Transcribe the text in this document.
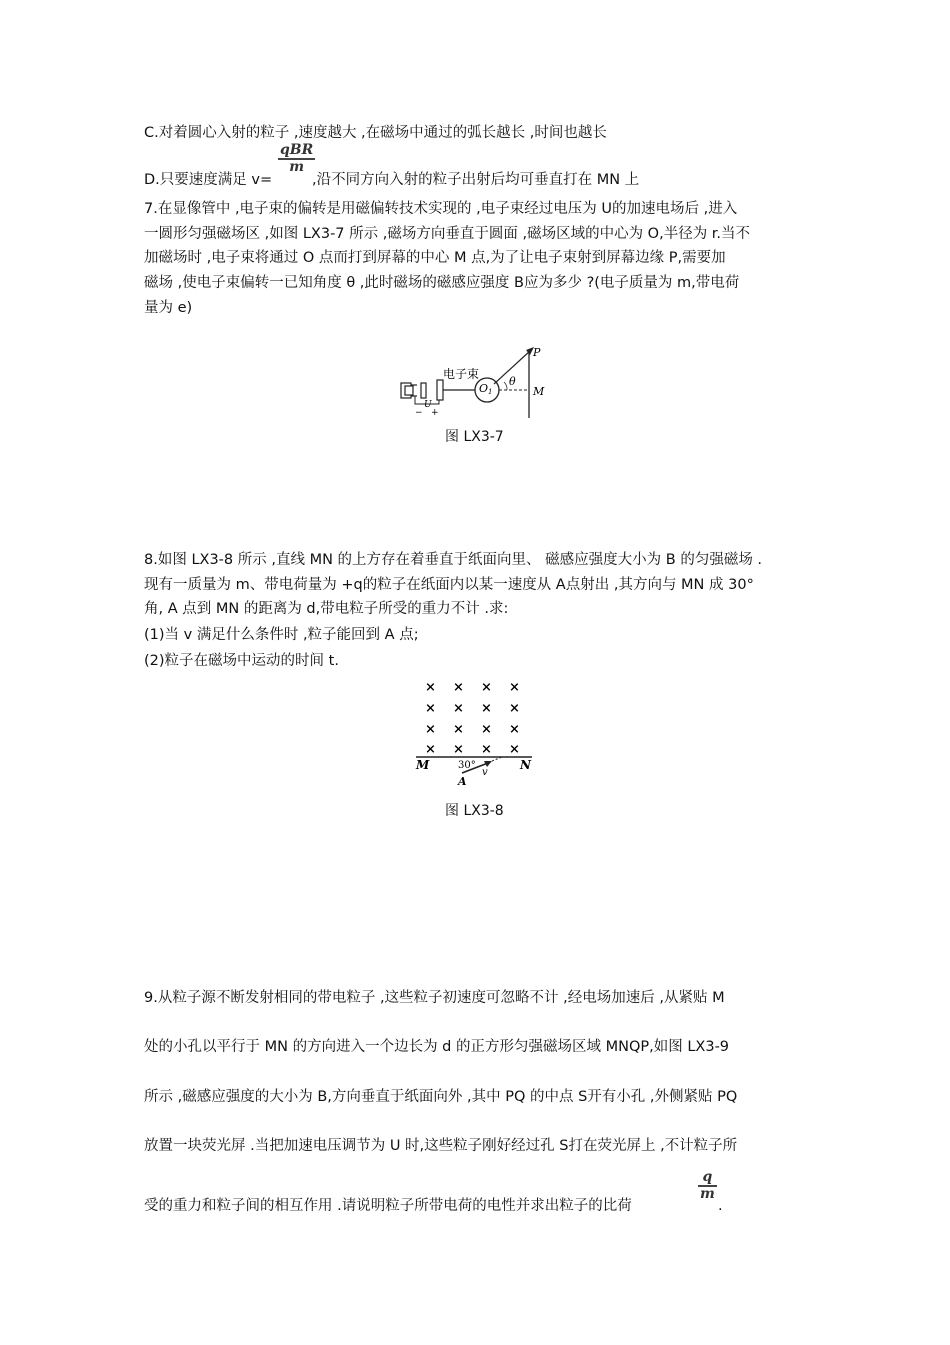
C.对着圆心入射的粒子 ,速度越大 ,在磁场中通过的弧长越长 ,时间也越长
D.只要速度满足 v=
qBR
m
,沿不同方向入射的粒子出射后均可垂直打在 MN 上
7.在显像管中 ,电子束的偏转是用磁偏转技术实现的 ,电子束经过电压为 U的加速电场后 ,进入
一圆形匀强磁场区 ,如图 LX3-7 所示 ,磁场方向垂直于圆面 ,磁场区域的中心为 O,半径为 r.当不
加磁场时 ,电子束将通过 O 点而打到屏幕的中心 M 点,为了让电子束射到屏幕边缘 P,需要加
磁场 ,使电子束偏转一已知角度 θ ,此时磁场的磁感应强度 B应为多少 ?(电子质量为 m,带电荷
量为 e)
U
− +
电子束
O1
θ
P
M
图 LX3-7
8.如图 LX3-8 所示 ,直线 MN 的上方存在着垂直于纸面向里、 磁感应强度大小为 B 的匀强磁场 .
现有一质量为 m、带电荷量为 +q的粒子在纸面内以某一速度从 A点射出 ,其方向与 MN 成 30°
角, A 点到 MN 的距离为 d,带电粒子所受的重力不计 .求:
(1)当 v 满足什么条件时 ,粒子能回到 A 点;
(2)粒子在磁场中运动的时间 t.
× × × ×
× × × ×
× × × ×
× × × ×
M	N
30°
v
A
图 LX3-8
9.从粒子源不断发射相同的带电粒子 ,这些粒子初速度可忽略不计 ,经电场加速后 ,从紧贴 M
处的小孔以平行于 MN 的方向进入一个边长为 d 的正方形匀强磁场区域 MNQP,如图 LX3-9
所示 ,磁感应强度的大小为 B,方向垂直于纸面向外 ,其中 PQ 的中点 S开有小孔 ,外侧紧贴 PQ
放置一块荧光屏 .当把加速电压调节为 U 时,这些粒子刚好经过孔 S打在荧光屏上 ,不计粒子所
受的重力和粒子间的相互作用 .请说明粒子所带电荷的电性并求出粒子的比荷
q
m
.
